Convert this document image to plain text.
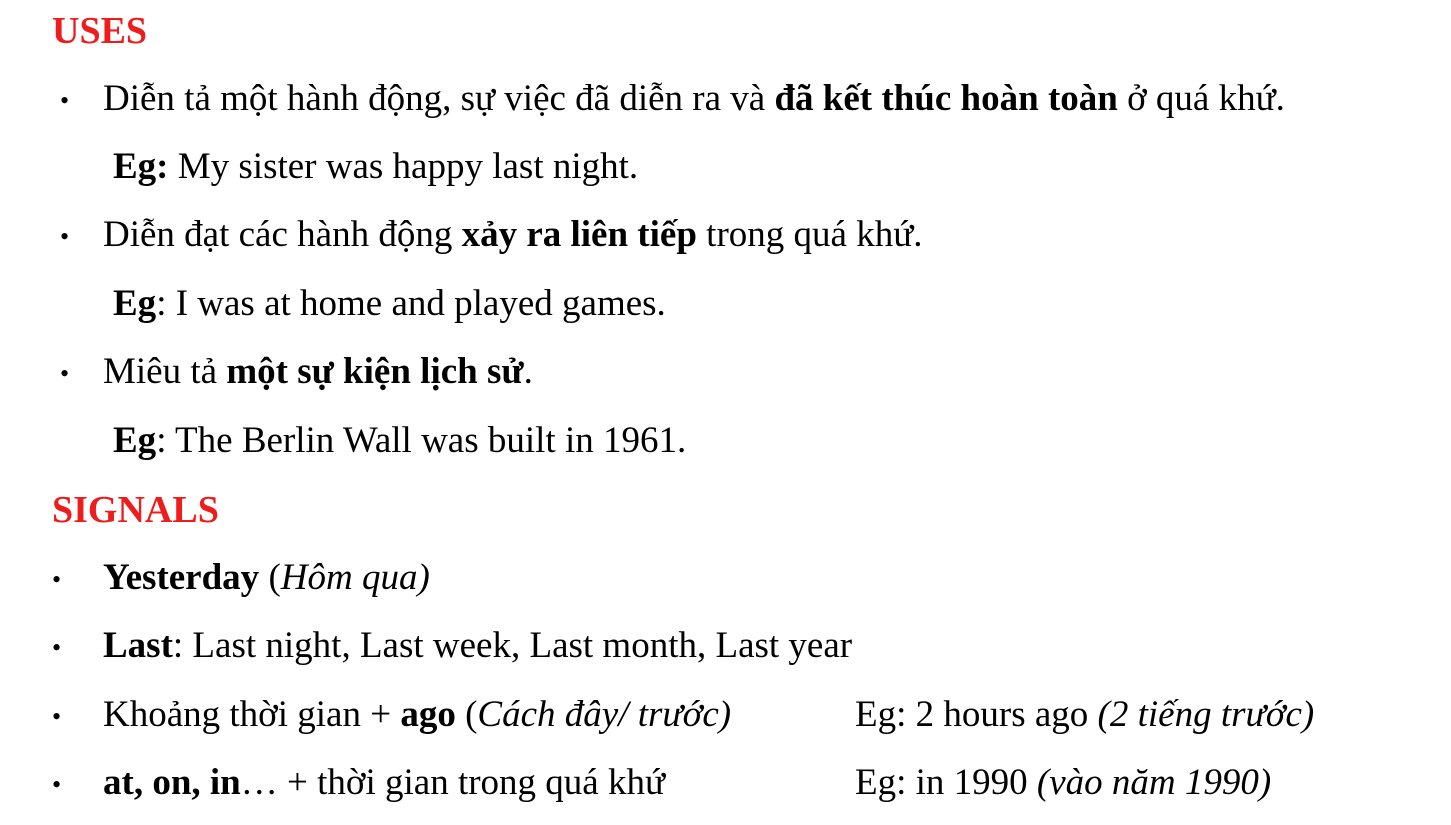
USES
• Diễn tả một hành động, sự việc đã diễn ra và đã kết thúc hoàn toàn ở quá khứ.
Eg: My sister was happy last night.
• Diễn đạt các hành động xảy ra liên tiếp trong quá khứ.
Eg: I was at home and played games.
• Miêu tả một sự kiện lịch sử.
Eg: The Berlin Wall was built in 1961.
SIGNALS
• Yesterday (Hôm qua)
• Last: Last night, Last week, Last month, Last year
• Khoảng thời gian + ago (Cách đây/ trước)	Eg: 2 hours ago (2 tiếng trước)
• at, on, in… + thời gian trong quá khứ	Eg: in 1990 (vào năm 1990)
